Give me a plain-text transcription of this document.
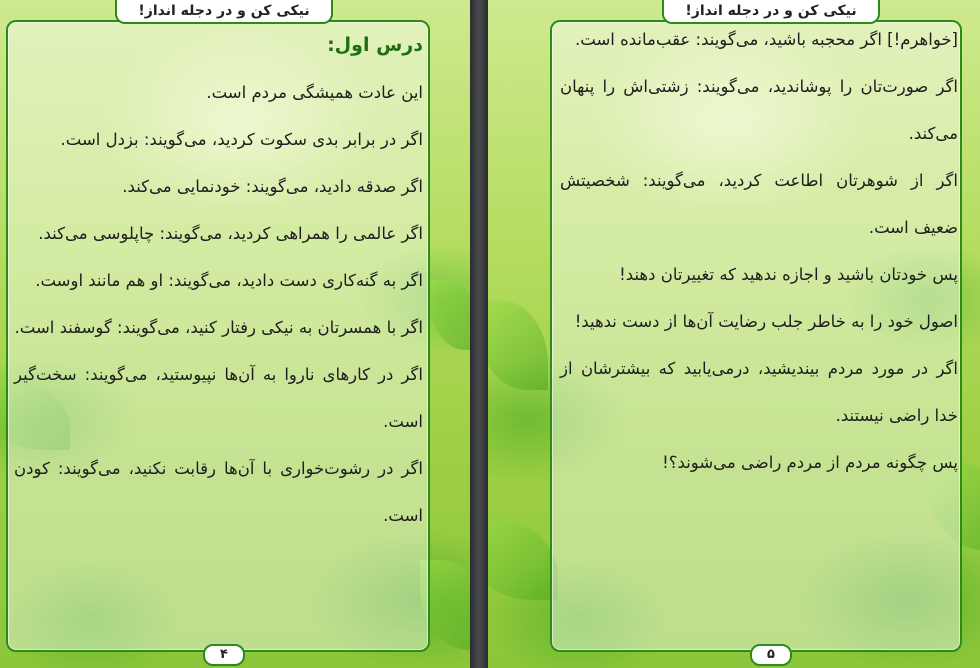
نیکی کن و در دجله انداز!

درس اول:

این عادت همیشگی مردم است.

اگر در برابر بدی سکوت کردید، می‌گویند: بزدل است.

اگر صدقه دادید، می‌گویند: خودنمایی می‌کند.

اگر عالمی را همراهی کردید، می‌گویند: چاپلوسی می‌کند.

اگر به گنه‌کاری دست دادید، می‌گویند: او هم مانند اوست.

اگر با همسرتان به نیکی رفتار کنید، می‌گویند: گوسفند است.

اگر در کارهای ناروا به آن‌ها نپیوستید، می‌گویند: سخت‌گیر است.

اگر در رشوت‌خواری با آن‌ها رقابت نکنید، می‌گویند: کودن است.

۴
نیکی کن و در دجله انداز!

[خواهرم!] اگر محجبه باشید، می‌گویند: عقب‌مانده است.

اگر صورت‌تان را پوشاندید، می‌گویند: زشتی‌اش را پنهان می‌کند.

اگر از شوهرتان اطاعت کردید، می‌گویند: شخصیتش ضعیف است.

پس خودتان باشید و اجازه ندهید که تغییرتان دهند!

اصول خود را به خاطر جلب رضایت آن‌ها از دست ندهید!

اگر در مورد مردم بیندیشید، درمی‌یابید که بیشترشان از خدا راضی نیستند.

پس چگونه مردم از مردم راضی می‌شوند؟!

۵
